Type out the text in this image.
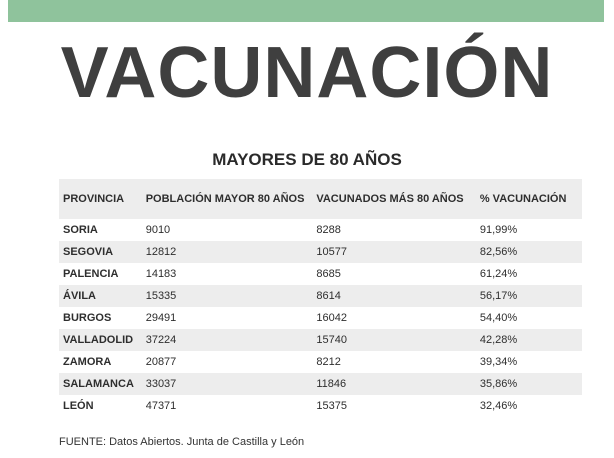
VACUNACIÓN
MAYORES DE 80 AÑOS
PROVINCIA	POBLACIÓN MAYOR 80 AÑOS	VACUNADOS MÁS 80 AÑOS	% VACUNACIÓN
SORIA	9010	8288	91,99%
SEGOVIA	12812	10577	82,56%
PALENCIA	14183	8685	61,24%
ÁVILA	15335	8614	56,17%
BURGOS	29491	16042	54,40%
VALLADOLID	37224	15740	42,28%
ZAMORA	20877	8212	39,34%
SALAMANCA	33037	11846	35,86%
LEÓN	47371	15375	32,46%
FUENTE: Datos Abiertos. Junta de Castilla y León
